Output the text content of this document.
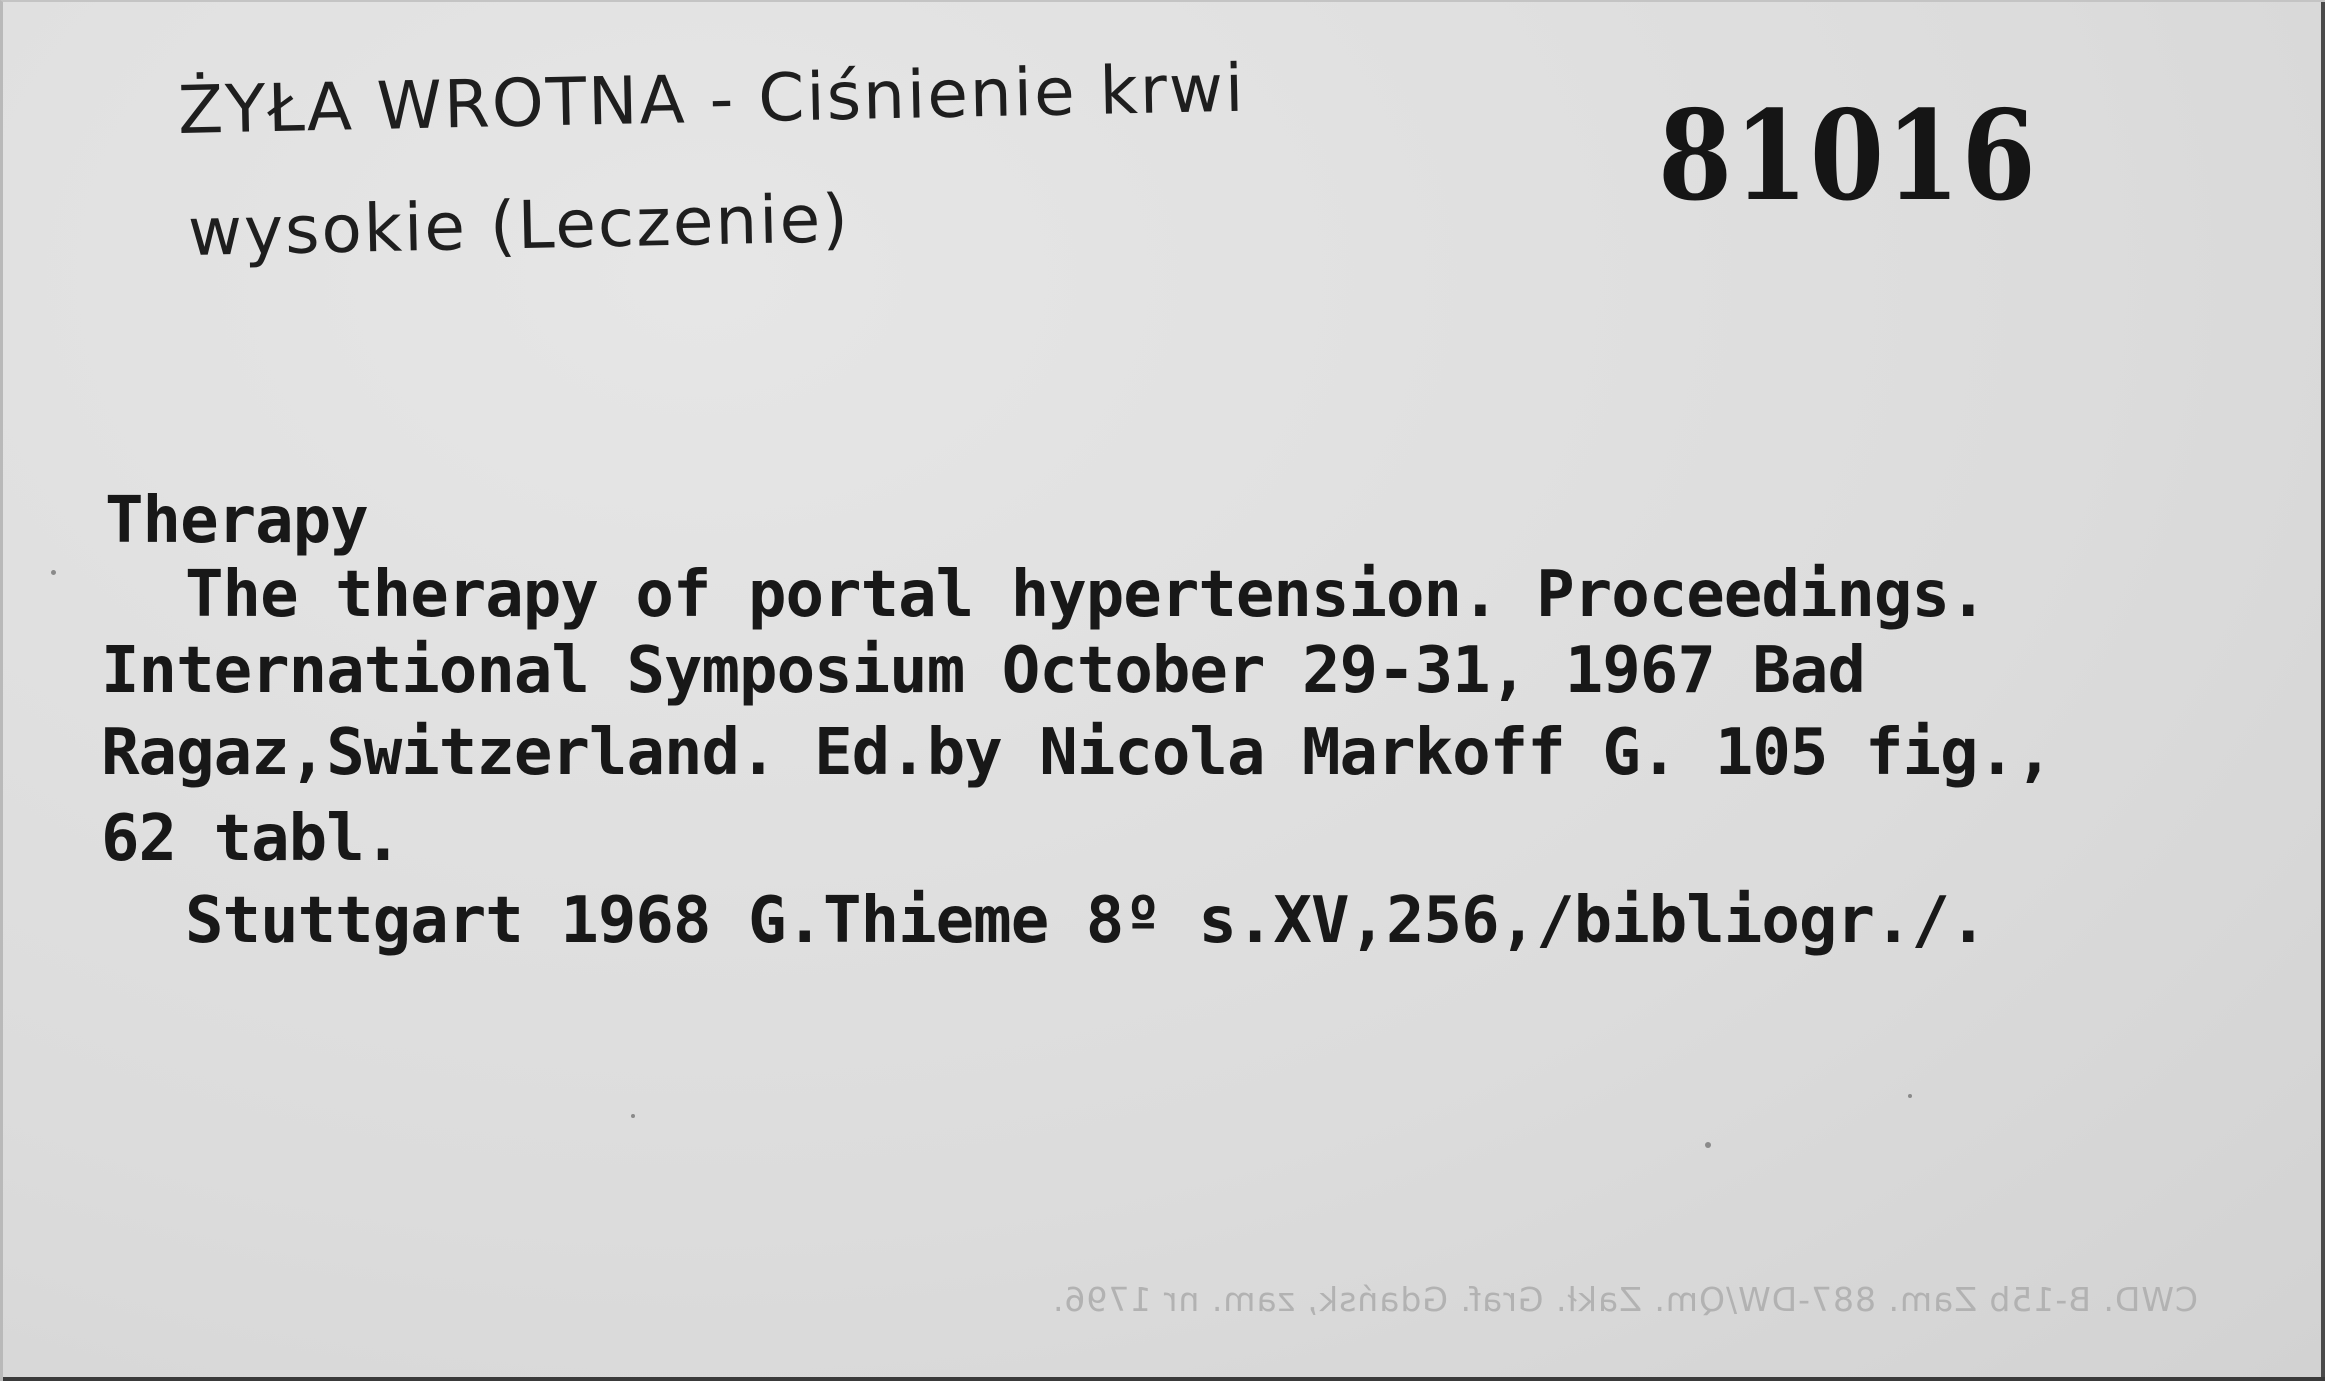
ŻYŁA WROTNA - Ciśnienie krwi
wysokie (Leczenie)	81016
Therapy
The therapy of portal hypertension. Proceedings.
International Symposium October 29-31, 1967 Bad
Ragaz,Switzerland. Ed.by Nicola Markoff G. 105 fig.,
62 tabl.
Stuttgart 1968 G.Thieme 8º s.XV,256,/bibliogr./.
CWD. B-15b Zam. 887-DW/Qm. Zakł. Graf. Gdańsk, zam. nr 1796.
